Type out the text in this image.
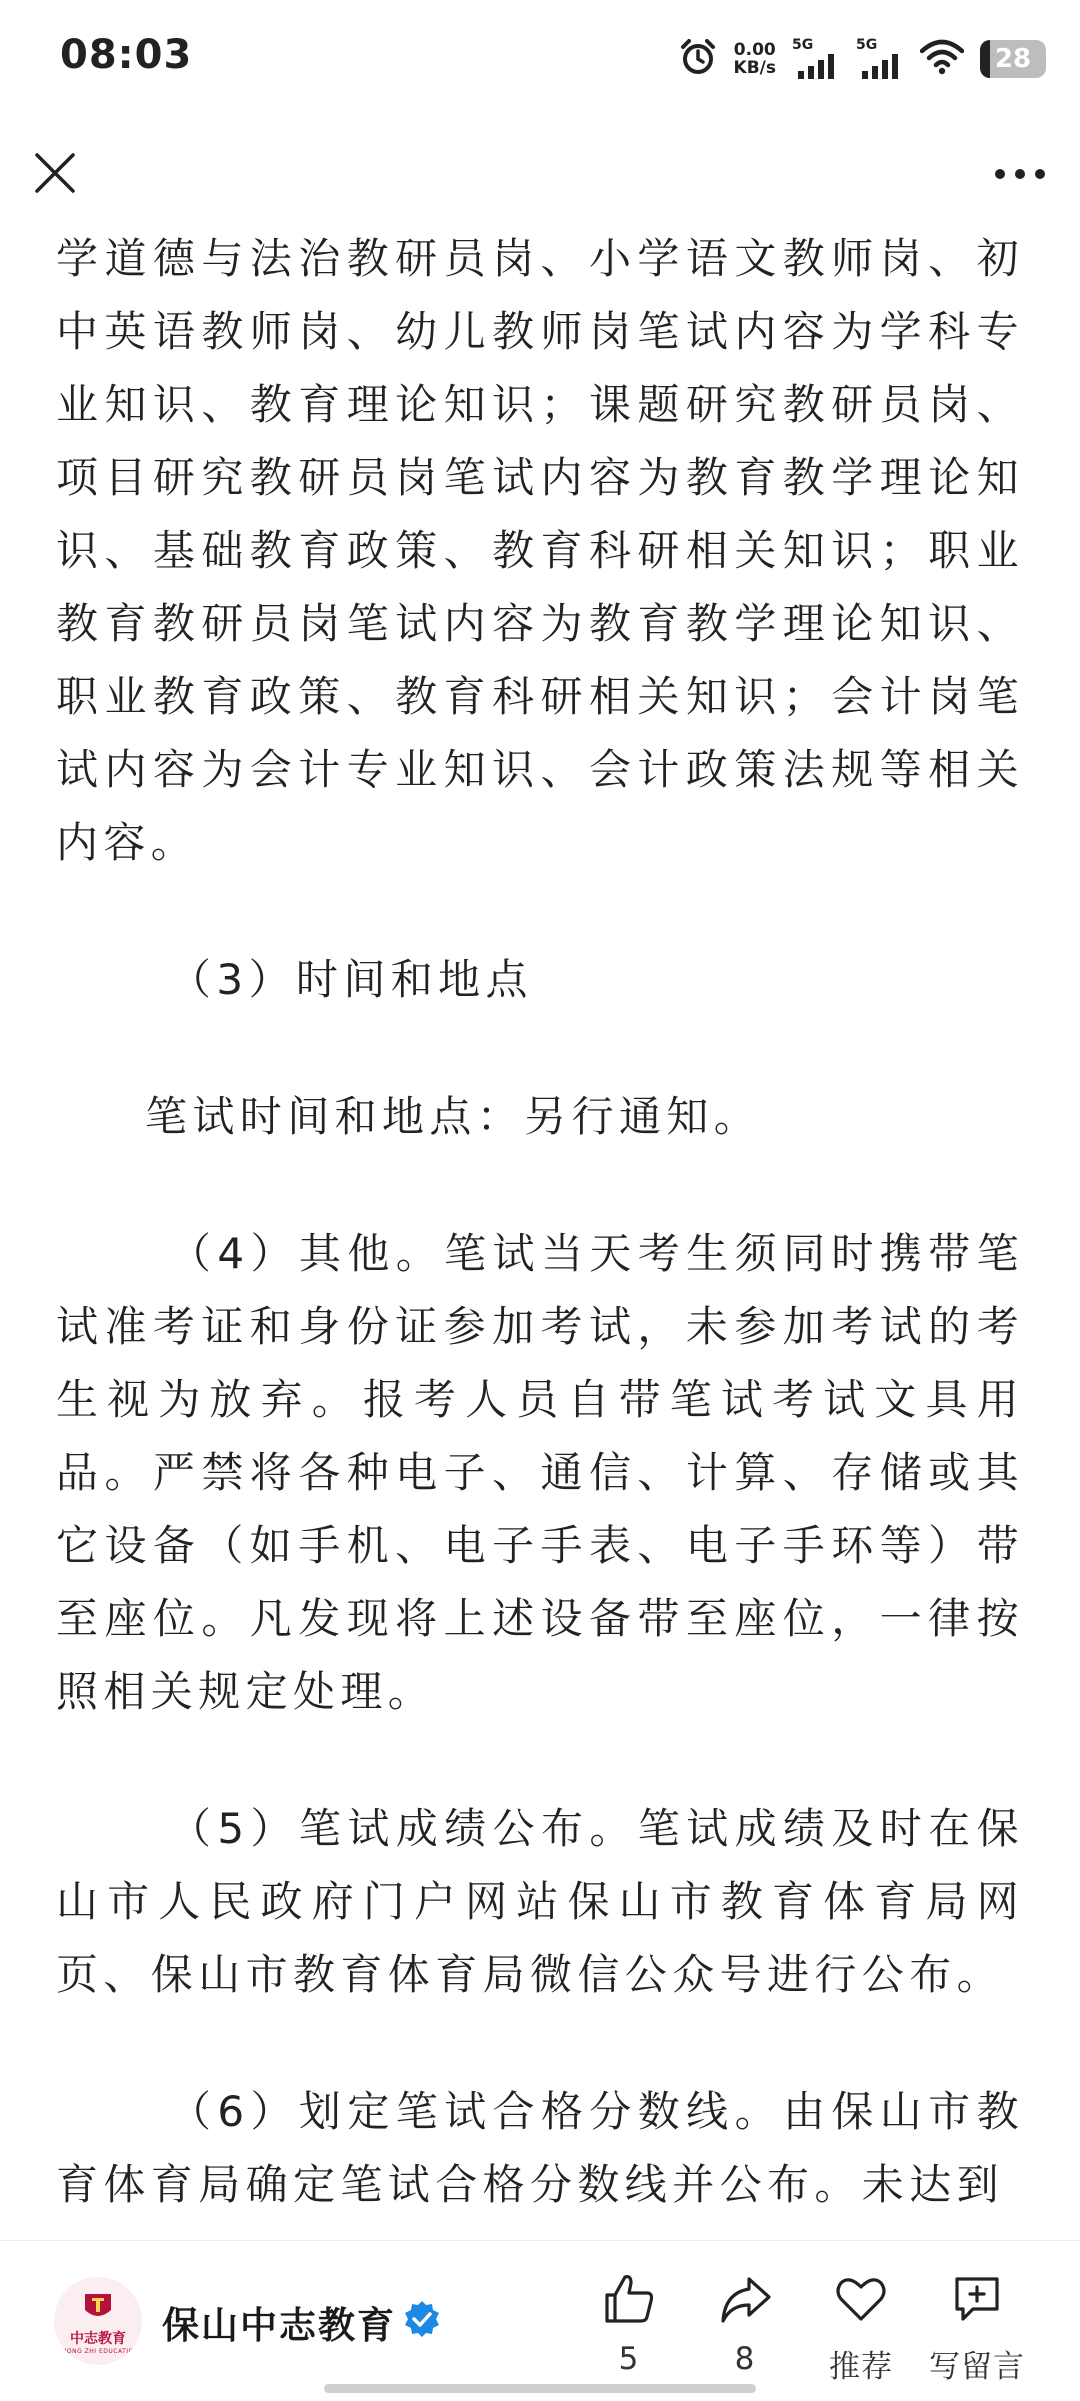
08:03	0.00
KB/s
5G	5G	28

学道德与法治教研员岗、小学语文教师岗、初中英语教师岗、幼儿教师岗笔试内容为学科专业知识、教育理论知识；课题研究教研员岗、项目研究教研员岗笔试内容为教育教学理论知识、基础教育政策、教育科研相关知识；职业教育教研员岗笔试内容为教育教学理论知识、职业教育政策、教育科研相关知识；会计岗笔试内容为会计专业知识、会计政策法规等相关内容。

（3）时间和地点

笔试时间和地点：另行通知。

（4）其他。笔试当天考生须同时携带笔试准考证和身份证参加考试，未参加考试的考生视为放弃。报考人员自带笔试考试文具用品。严禁将各种电子、通信、计算、存储或其它设备（如手机、电子手表、电子手环等）带至座位。凡发现将上述设备带至座位，一律按照相关规定处理。

（5）笔试成绩公布。笔试成绩及时在保山市人民政府门户网站保山市教育体育局网页、保山市教育体育局微信公众号进行公布。

（6）划定笔试合格分数线。由保山市教育体育局确定笔试合格分数线并公布。未达到

中志教育
ZHONG ZHI EDUCATION
保山中志教育
5	8 推荐 写留言
